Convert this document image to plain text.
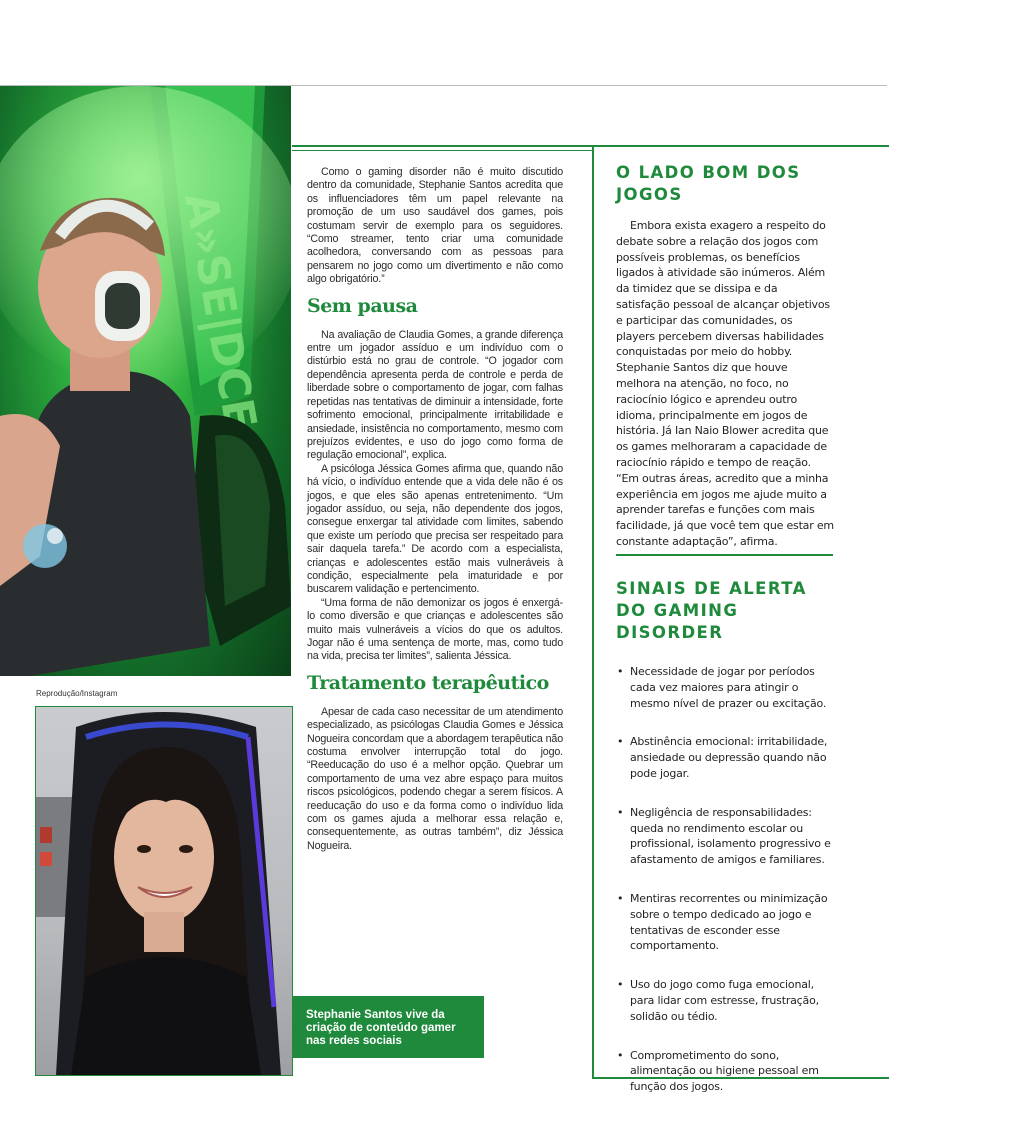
Reprodução/Instagram

Stephanie Santos vive da criação de conteúdo gamer nas redes sociais

Como o gaming disorder não é muito discutido dentro da comunidade, Stephanie Santos acredita que os influenciadores têm um papel relevante na promoção de um uso saudável dos games, pois costumam servir de exemplo para os seguidores. “Como streamer, tento criar uma comunidade acolhedora, conversando com as pessoas para pensarem no jogo como um divertimento e não como algo obrigatório.”

Sem pausa

Na avaliação de Claudia Gomes, a grande diferença entre um jogador assíduo e um indivíduo com o distúrbio está no grau de controle. “O jogador com dependência apresenta perda de controle e perda de liberdade sobre o comportamento de jogar, com falhas repetidas nas tentativas de diminuir a intensidade, forte sofrimento emocional, principalmente irritabilidade e ansiedade, insistência no comportamento, mesmo com prejuízos evidentes, e uso do jogo como forma de regulação emocional”, explica.

A psicóloga Jéssica Gomes afirma que, quando não há vício, o indivíduo entende que a vida dele não é os jogos, e que eles são apenas entretenimento. “Um jogador assíduo, ou seja, não dependente dos jogos, consegue enxergar tal atividade com limites, sabendo que existe um período que precisa ser respeitado para sair daquela tarefa.” De acordo com a especialista, crianças e adolescentes estão mais vulneráveis à condição, especialmente pela imaturidade e por buscarem validação e pertencimento.

“Uma forma de não demonizar os jogos é enxergá-lo como diversão e que crianças e adolescentes são muito mais vulneráveis a vícios do que os adultos. Jogar não é uma sentença de morte, mas, como tudo na vida, precisa ter limites”, salienta Jéssica.

Tratamento terapêutico

Apesar de cada caso necessitar de um atendimento especializado, as psicólogas Claudia Gomes e Jéssica Nogueira concordam que a abordagem terapêutica não costuma envolver interrupção total do jogo. “Reeducação do uso é a melhor opção. Quebrar um comportamento de uma vez abre espaço para muitos riscos psicológicos, podendo chegar a serem físicos. A reeducação do uso e da forma como o indivíduo lida com os games ajuda a melhorar essa relação e, consequentemente, as outras também”, diz Jéssica Nogueira.

O LADO BOM DOS JOGOS

Embora exista exagero a respeito do debate sobre a relação dos jogos com possíveis problemas, os benefícios ligados à atividade são inúmeros. Além da timidez que se dissipa e da satisfação pessoal de alcançar objetivos e participar das comunidades, os players percebem diversas habilidades conquistadas por meio do hobby. Stephanie Santos diz que houve melhora na atenção, no foco, no raciocínio lógico e aprendeu outro idioma, principalmente em jogos de história. Já Ian Naio Blower acredita que os games melhoraram a capacidade de raciocínio rápido e tempo de reação. “Em outras áreas, acredito que a minha experiência em jogos me ajude muito a aprender tarefas e funções com mais facilidade, já que você tem que estar em constante adaptação”, afirma.

SINAIS DE ALERTA DO GAMING DISORDER
• Necessidade de jogar por períodos cada vez maiores para atingir o mesmo nível de prazer ou excitação.
• Abstinência emocional: irritabilidade, ansiedade ou depressão quando não pode jogar.
• Negligência de responsabilidades: queda no rendimento escolar ou profissional, isolamento progressivo e afastamento de amigos e familiares.
• Mentiras recorrentes ou minimização sobre o tempo dedicado ao jogo e tentativas de esconder esse comportamento.
• Uso do jogo como fuga emocional, para lidar com estresse, frustração, solidão ou tédio.
• Comprometimento do sono, alimentação ou higiene pessoal em função dos jogos.
